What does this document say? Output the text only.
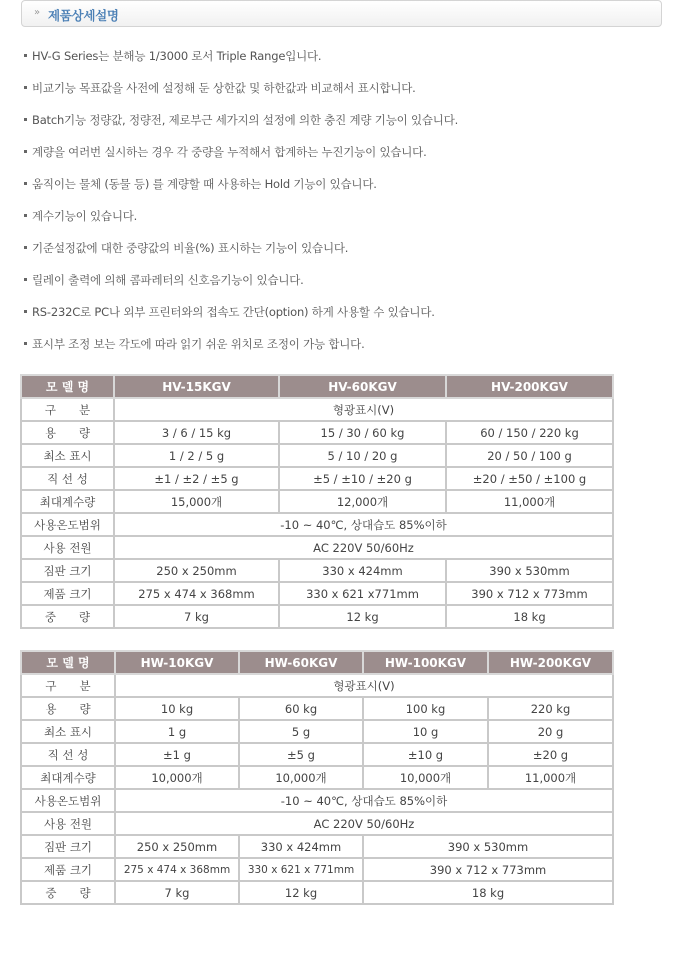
» 제품상세설명
HV-G Series는 분해능 1/3000 로서 Triple Range입니다.
비교기능 목표값을 사전에 설정해 둔 상한값 및 하한값과 비교해서 표시합니다.
Batch기능 정량값, 정량전, 제로부근 세가지의 설정에 의한 충진 계량 기능이 있습니다.
계량을 여러번 실시하는 경우 각 중량을 누적해서 합계하는 누진기능이 있습니다.
움직이는 물체 (동물 등) 를 계량할 때 사용하는 Hold 기능이 있습니다.
계수기능이 있습니다.
기준설정값에 대한 중량값의 비율(%) 표시하는 기능이 있습니다.
릴레이 출력에 의해 콤파레터의 신호음기능이 있습니다.
RS-232C로 PC나 외부 프린터와의 접속도 간단(option) 하게 사용할 수 있습니다.
표시부 조정 보는 각도에 따라 읽기 쉬운 위치로 조정이 가능 합니다.
모 델 명	HV-15KGV	HV-60KGV	HV-200KGV
구　　분	형광표시(V)		
용　　량	3 / 6 / 15 kg	15 / 30 / 60 kg	60 / 150 / 220 kg
최소 표시	1 / 2 / 5 g	5 / 10 / 20 g	20 / 50 / 100 g
직 선 성	±1 / ±2 / ±5 g	±5 / ±10 / ±20 g	±20 / ±50 / ±100 g
최대계수량	15,000개	12,000개	11,000개
사용온도범위	-10 ~ 40℃, 상대습도 85%이하		
사용 전원	AC 220V 50/60Hz		
짐판 크기	250 x 250mm	330 x 424mm	390 x 530mm
제품 크기	275 x 474 x 368mm	330 x 621 x771mm	390 x 712 x 773mm
중　　량	7 kg	12 kg	18 kg
모 델 명	HW-10KGV	HW-60KGV	HW-100KGV	HW-200KGV
구　　분	형광표시(V)			
용　　량	10 kg	60 kg	100 kg	220 kg
최소 표시	1 g	5 g	10 g	20 g
직 선 성	±1 g	±5 g	±10 g	±20 g
최대계수량	10,000개	10,000개	10,000개	11,000개
사용온도범위	-10 ~ 40℃, 상대습도 85%이하			
사용 전원	AC 220V 50/60Hz			
짐판 크기	250 x 250mm	330 x 424mm	390 x 530mm	
제품 크기	275 x 474 x 368mm	330 x 621 x 771mm	390 x 712 x 773mm	
중　　량	7 kg	12 kg	18 kg	
